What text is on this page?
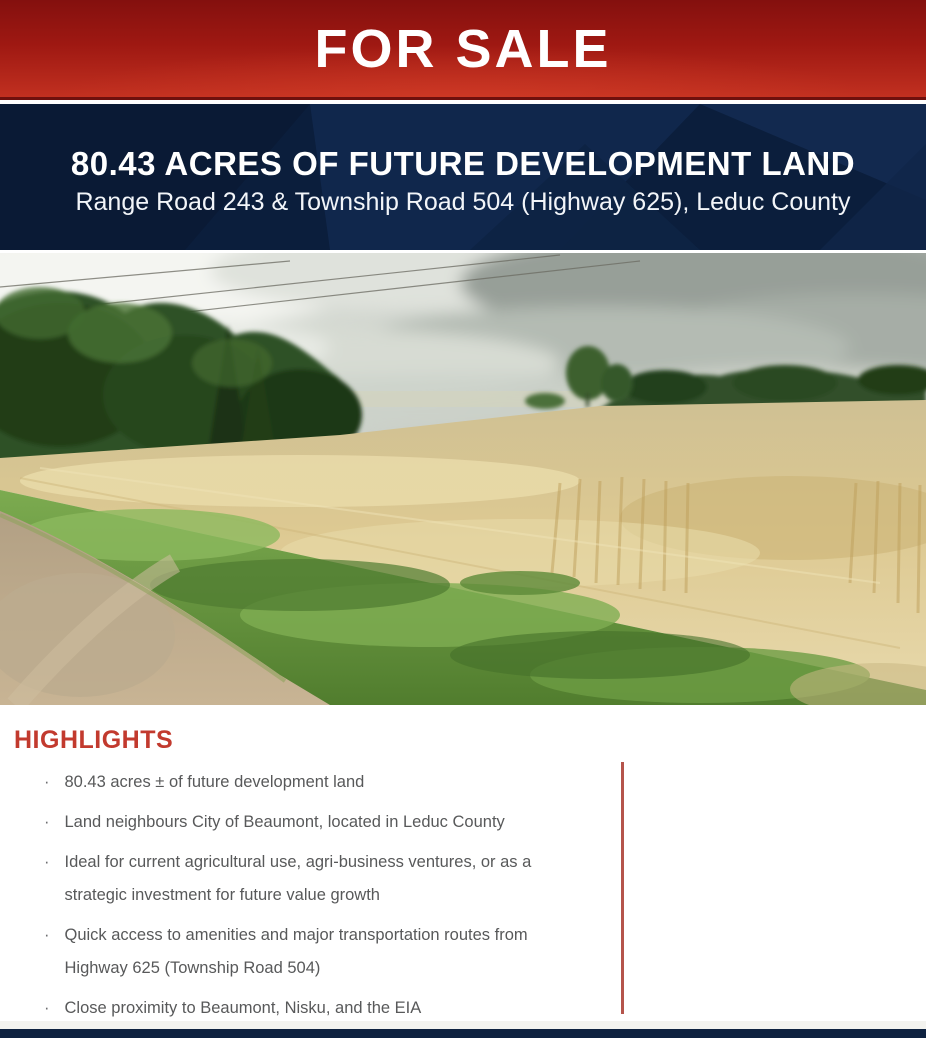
FOR SALE
80.43 ACRES OF FUTURE DEVELOPMENT LAND
Range Road 243 & Township Road 504 (Highway 625), Leduc County
HIGHLIGHTS
· 80.43 acres ± of future development land
· Land neighbours City of Beaumont, located in Leduc County
· Ideal for current agricultural use, agri-business ventures, or as a strategic investment for future value growth
· Quick access to amenities and major transportation routes from Highway 625 (Township Road 504)
· Close proximity to Beaumont, Nisku, and the EIA
